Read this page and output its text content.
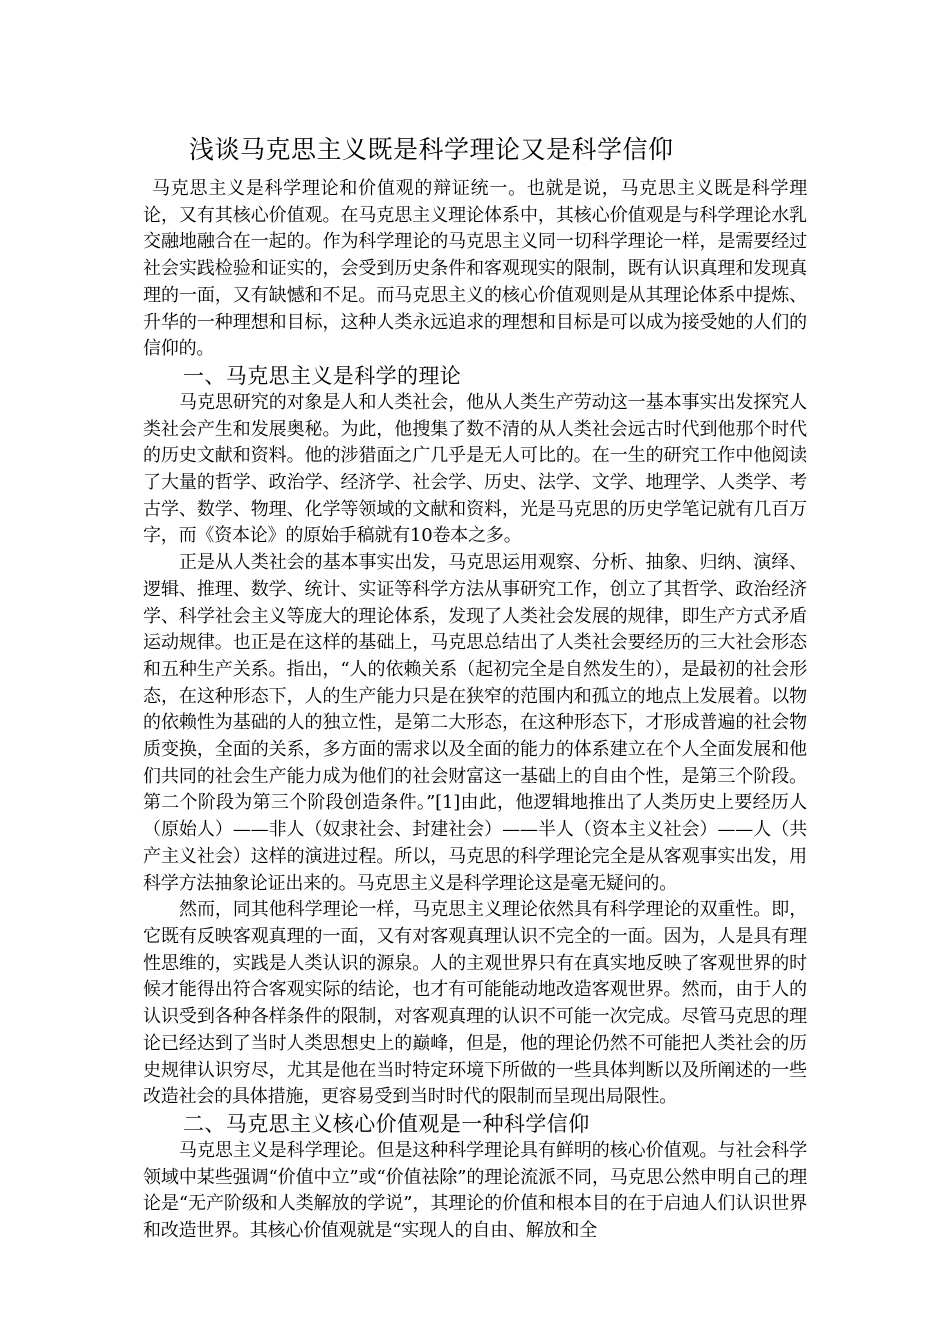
浅谈马克思主义既是科学理论又是科学信仰

马克思主义是科学理论和价值观的辩证统一。也就是说，马克思主义既是科学理论，又有其核心价值观。在马克思主义理论体系中，其核心价值观是与科学理论水乳交融地融合在一起的。作为科学理论的马克思主义同一切科学理论一样，是需要经过社会实践检验和证实的，会受到历史条件和客观现实的限制，既有认识真理和发现真理的一面，又有缺憾和不足。而马克思主义的核心价值观则是从其理论体系中提炼、升华的一种理想和目标，这种人类永远追求的理想和目标是可以成为接受她的人们的信仰的。

一、马克思主义是科学的理论

马克思研究的对象是人和人类社会，他从人类生产劳动这一基本事实出发探究人类社会产生和发展奥秘。为此，他搜集了数不清的从人类社会远古时代到他那个时代的历史文献和资料。他的涉猎面之广几乎是无人可比的。在一生的研究工作中他阅读了大量的哲学、政治学、经济学、社会学、历史、法学、文学、地理学、人类学、考古学、数学、物理、化学等领域的文献和资料，光是马克思的历史学笔记就有几百万字，而《资本论》的原始手稿就有10卷本之多。

正是从人类社会的基本事实出发，马克思运用观察、分析、抽象、归纳、演绎、逻辑、推理、数学、统计、实证等科学方法从事研究工作，创立了其哲学、政治经济学、科学社会主义等庞大的理论体系，发现了人类社会发展的规律，即生产方式矛盾运动规律。也正是在这样的基础上，马克思总结出了人类社会要经历的三大社会形态和五种生产关系。指出，“人的依赖关系（起初完全是自然发生的），是最初的社会形态，在这种形态下，人的生产能力只是在狭窄的范围内和孤立的地点上发展着。以物的依赖性为基础的人的独立性，是第二大形态，在这种形态下，才形成普遍的社会物质变换，全面的关系，多方面的需求以及全面的能力的体系建立在个人全面发展和他们共同的社会生产能力成为他们的社会财富这一基础上的自由个性，是第三个阶段。第二个阶段为第三个阶段创造条件。”[1]由此，他逻辑地推出了人类历史上要经历人（原始人）——非人（奴隶社会、封建社会）——半人（资本主义社会）——人（共产主义社会）这样的演进过程。所以，马克思的科学理论完全是从客观事实出发，用科学方法抽象论证出来的。马克思主义是科学理论这是毫无疑问的。

然而，同其他科学理论一样，马克思主义理论依然具有科学理论的双重性。即，它既有反映客观真理的一面，又有对客观真理认识不完全的一面。因为，人是具有理性思维的，实践是人类认识的源泉。人的主观世界只有在真实地反映了客观世界的时候才能得出符合客观实际的结论，也才有可能能动地改造客观世界。然而，由于人的认识受到各种各样条件的限制，对客观真理的认识不可能一次完成。尽管马克思的理论已经达到了当时人类思想史上的巅峰，但是，他的理论仍然不可能把人类社会的历史规律认识穷尽，尤其是他在当时特定环境下所做的一些具体判断以及所阐述的一些改造社会的具体措施，更容易受到当时时代的限制而呈现出局限性。

二、马克思主义核心价值观是一种科学信仰

马克思主义是科学理论。但是这种科学理论具有鲜明的核心价值观。与社会科学领域中某些强调“价值中立”或“价值祛除”的理论流派不同，马克思公然申明自己的理论是“无产阶级和人类解放的学说”，其理论的价值和根本目的在于启迪人们认识世界和改造世界。其核心价值观就是“实现人的自由、解放和全
